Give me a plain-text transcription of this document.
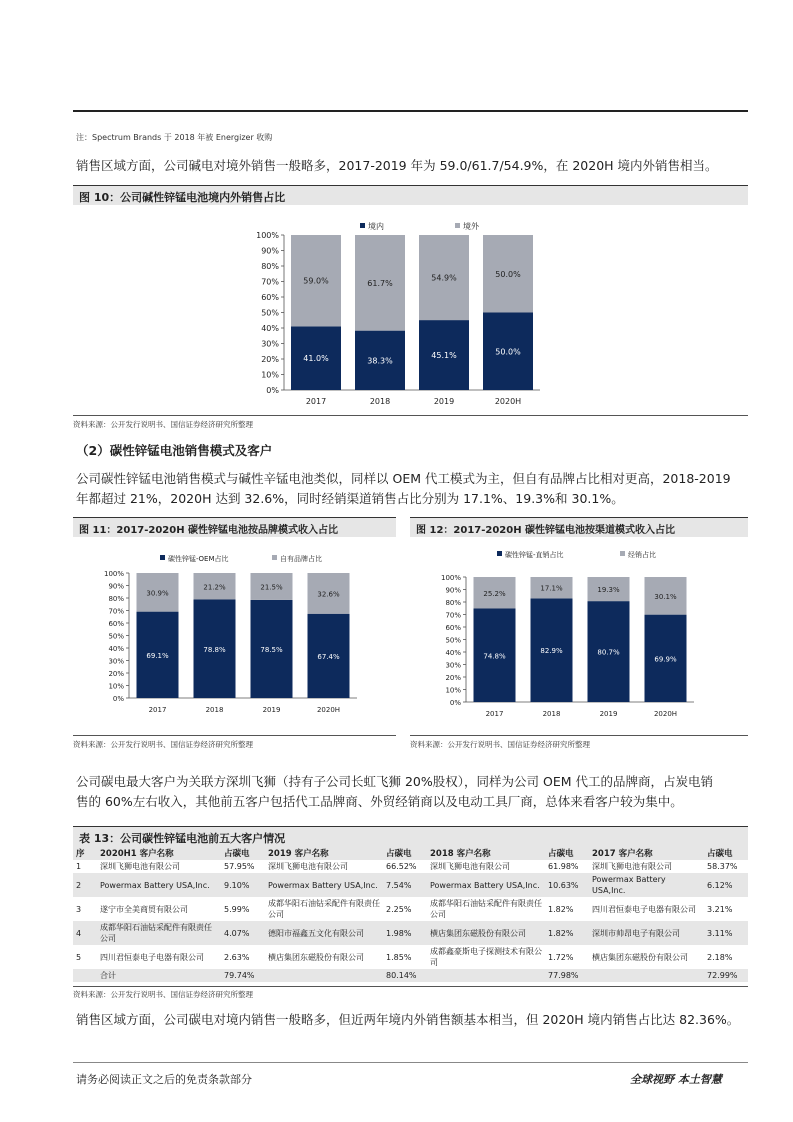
注：Spectrum Brands 于 2018 年被 Energizer 收购
销售区域方面，公司碱电对境外销售一般略多，2017-2019 年为 59.0/61.7/54.9%，在 2020H 境内外销售相当。
图 10：公司碱性锌锰电池境内外销售占比
境内	境外
0%
10%
20%
30%
40%
50%
60%
70%
80%
90%
100%
41.0%
59.0%
2017
38.3%
61.7%
2018
45.1%
54.9%
2019
50.0%
50.0%
2020H
资料来源：公开发行说明书、国信证券经济研究所整理
（2）碳性锌锰电池销售模式及客户
公司碳性锌锰电池销售模式与碱性辛锰电池类似，同样以 OEM 代工模式为主，但自有品牌占比相对更高，2018-2019
年都超过 21%，2020H 达到 32.6%，同时经销渠道销售占比分别为 17.1%、19.3%和 30.1%。
图 11：2017-2020H 碳性锌锰电池按品牌模式收入占比	图 12：2017-2020H 碳性锌锰电池按渠道模式收入占比
碳性锌锰-OEM占比	自有品牌占比
0%
10%
20%
30%
40%
50%
60%
70%
80%
90%
100%
69.1%
30.9%
2017
78.8%
21.2%
2018
78.5%
21.5%
2019
67.4%
32.6%
2020H
碳性锌锰-直销占比	经销占比
0%
10%
20%
30%
40%
50%
60%
70%
80%
90%
100%
74.8%
25.2%
2017
82.9%
17.1%
2018
80.7%
19.3%
2019
69.9%
30.1%
2020H
资料来源：公开发行说明书、国信证券经济研究所整理	资料来源：公开发行说明书、国信证券经济研究所整理
公司碳电最大客户为关联方深圳飞狮（持有子公司长虹飞狮 20%股权），同样为公司 OEM 代工的品牌商，占炭电销
售的 60%左右收入，其他前五客户包括代工品牌商、外贸经销商以及电动工具厂商，总体来看客户较为集中。
表 13：公司碳性锌锰电池前五大客户情况
序	2020H1 客户名称	占碳电	2019 客户名称	占碳电	2018 客户名称	占碳电	2017 客户名称	占碳电
1	深圳飞狮电池有限公司	57.95%	深圳飞狮电池有限公司	66.52%	深圳飞狮电池有限公司	61.98%	深圳飞狮电池有限公司	58.37%
2	Powermax Battery USA,Inc.	9.10%	Powermax Battery USA,Inc.	7.54%	Powermax Battery USA,Inc.	10.63%	Powermax Battery USA,Inc.	6.12%
3	遂宁市全美商贸有限公司	5.99%	成都华阳石油钻采配件有限责任公司	2.25%	成都华阳石油钻采配件有限责任公司	1.82%	四川君恒泰电子电器有限公司	3.21%
4	成都华阳石油钻采配件有限责任公司	4.07%	德阳市福鑫五文化有限公司	1.98%	横店集团东磁股份有限公司	1.82%	深圳市帅昂电子有限公司	3.11%
5	四川君恒泰电子电器有限公司	2.63%	横店集团东磁股份有限公司	1.85%	成都鑫豪斯电子探测技术有限公司	1.72%	横店集团东磁股份有限公司	2.18%
	合计	79.74%		80.14%		77.98%		72.99%
资料来源：公开发行说明书、国信证券经济研究所整理
销售区域方面，公司碳电对境内销售一般略多，但近两年境内外销售额基本相当，但 2020H 境内销售占比达 82.36%。
请务必阅读正文之后的免责条款部分	全球视野 本土智慧
